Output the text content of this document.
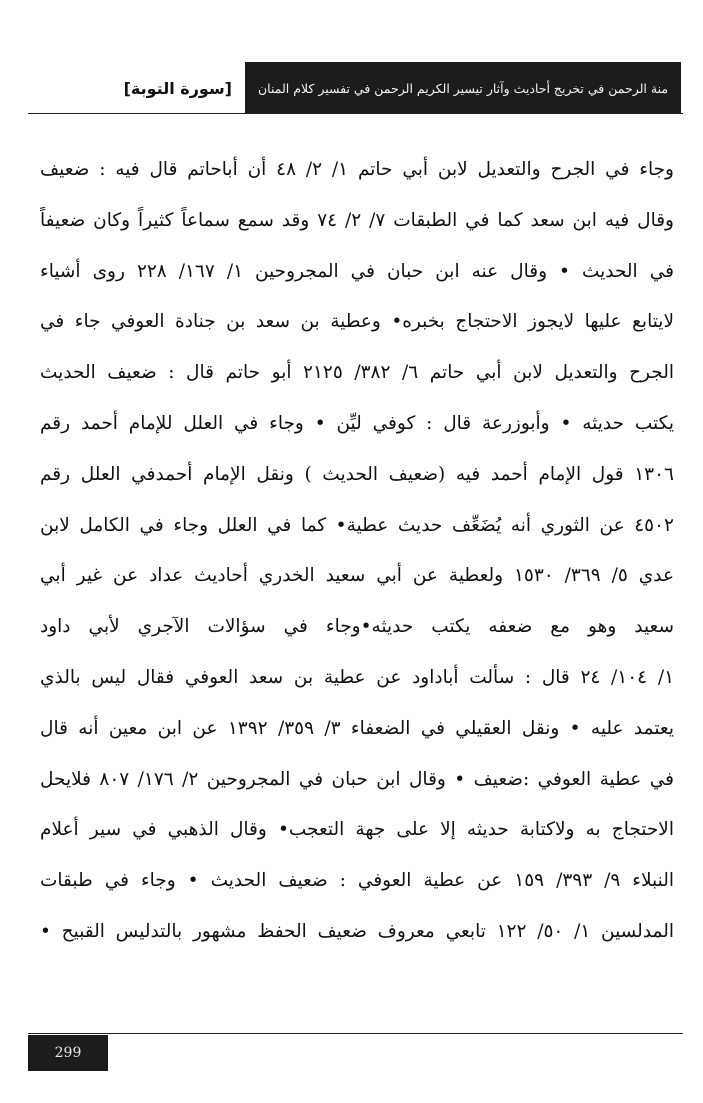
[سورة التوبة] منة الرحمن في تخريج أحاديث وآثار تيسير الكريم الرحمن في تفسير كلام المنان
وجاء في الجرح والتعديل لابن أبي حاتم ١/ ٢/ ٤٨ أن أباحاتم قال فيه : ضعيف
وقال فيه ابن سعد كما في الطبقات ٧/ ٢/ ٧٤ وقد سمع سماعاً كثيراً وكان ضعيفاً
في الحديث • وقال عنه ابن حبان في المجروحين ١/ ١٦٧/ ٢٢٨ روى أشياء
لايتابع عليها لايجوز الاحتجاج بخبره• وعطية بن سعد بن جنادة العوفي جاء في
الجرح والتعديل لابن أبي حاتم ٦/ ٣٨٢/ ٢١٢٥ أبو حاتم قال : ضعيف الحديث
يكتب حديثه • وأبوزرعة قال : كوفي ليِّن • وجاء في العلل للإمام أحمد رقم
١٣٠٦ قول الإمام أحمد فيه (ضعيف الحديث ) ونقل الإمام أحمدفي العلل رقم
٤٥٠٢ عن الثوري أنه يُضَعِّف حديث عطية• كما في العلل وجاء في الكامل لابن
عدي ٥/ ٣٦٩/ ١٥٣٠ ولعطية عن أبي سعيد الخدري أحاديث عداد عن غير أبي
سعيد وهو مع ضعفه يكتب حديثه•وجاء في سؤالات الآجري لأبي داود
١/ ١٠٤/ ٢٤ قال : سألت أباداود عن عطية بن سعد العوفي فقال ليس بالذي
يعتمد عليه • ونقل العقيلي في الضعفاء ٣/ ٣٥٩/ ١٣٩٢ عن ابن معين أنه قال
في عطية العوفي :ضعيف • وقال ابن حبان في المجروحين ٢/ ١٧٦/ ٨٠٧ فلايحل
الاحتجاج به ولاكتابة حديثه إلا على جهة التعجب• وقال الذهبي في سير أعلام
النبلاء ٩/ ٣٩٣/ ١٥٩ عن عطية العوفي : ضعيف الحديث • وجاء في طبقات
المدلسين ١/ ٥٠/ ١٢٢ تابعي معروف ضعيف الحفظ مشهور بالتدليس القبيح •
299
